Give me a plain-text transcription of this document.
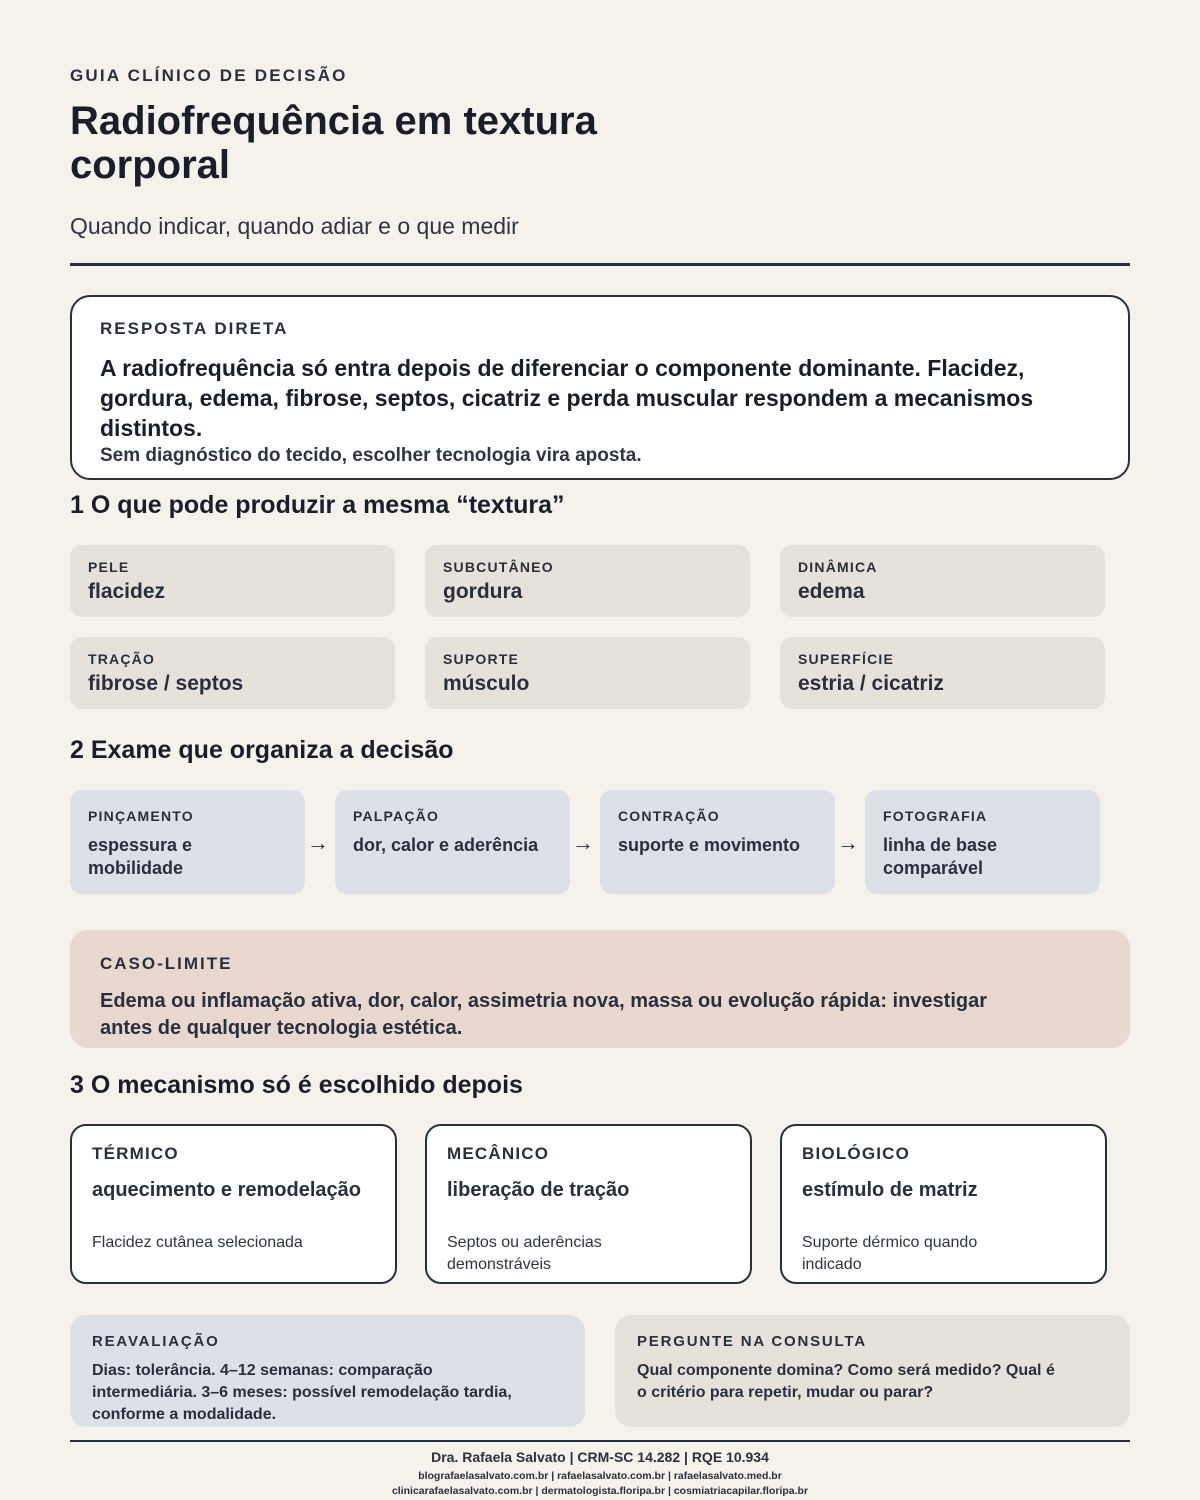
GUIA CLÍNICO DE DECISÃO
Radiofrequência em textura corporal
Quando indicar, quando adiar e o que medir
RESPOSTA DIRETA
A radiofrequência só entra depois de diferenciar o componente dominante. Flacidez, gordura, edema, fibrose, septos, cicatriz e perda muscular respondem a mecanismos distintos.
Sem diagnóstico do tecido, escolher tecnologia vira aposta.
1 O que pode produzir a mesma “textura”
PELE
flacidez
SUBCUTÂNEO
gordura
DINÂMICA
edema
TRAÇÃO
fibrose / septos
SUPORTE
músculo
SUPERFÍCIE
estria / cicatriz
2 Exame que organiza a decisão
PINÇAMENTO
espessura e mobilidade
→
PALPAÇÃO
dor, calor e aderência	→
CONTRAÇÃO
suporte e movimento	→
FOTOGRAFIA
linha de base comparável
CASO-LIMITE
Edema ou inflamação ativa, dor, calor, assimetria nova, massa ou evolução rápida: investigar antes de qualquer tecnologia estética.
3 O mecanismo só é escolhido depois
TÉRMICO
aquecimento e remodelação
Flacidez cutânea selecionada
MECÂNICO
liberação de tração
Septos ou aderências demonstráveis
BIOLÓGICO
estímulo de matriz
Suporte dérmico quando indicado
REAVALIAÇÃO
Dias: tolerância. 4–12 semanas: comparação intermediária. 3–6 meses: possível remodelação tardia, conforme a modalidade.
PERGUNTE NA CONSULTA
Qual componente domina? Como será medido? Qual é o critério para repetir, mudar ou parar?
Dra. Rafaela Salvato | CRM-SC 14.282 | RQE 10.934
blografaelasalvato.com.br | rafaelasalvato.com.br | rafaelasalvato.med.br
clinicarafaelasalvato.com.br | dermatologista.floripa.br | cosmiatriacapilar.floripa.br
